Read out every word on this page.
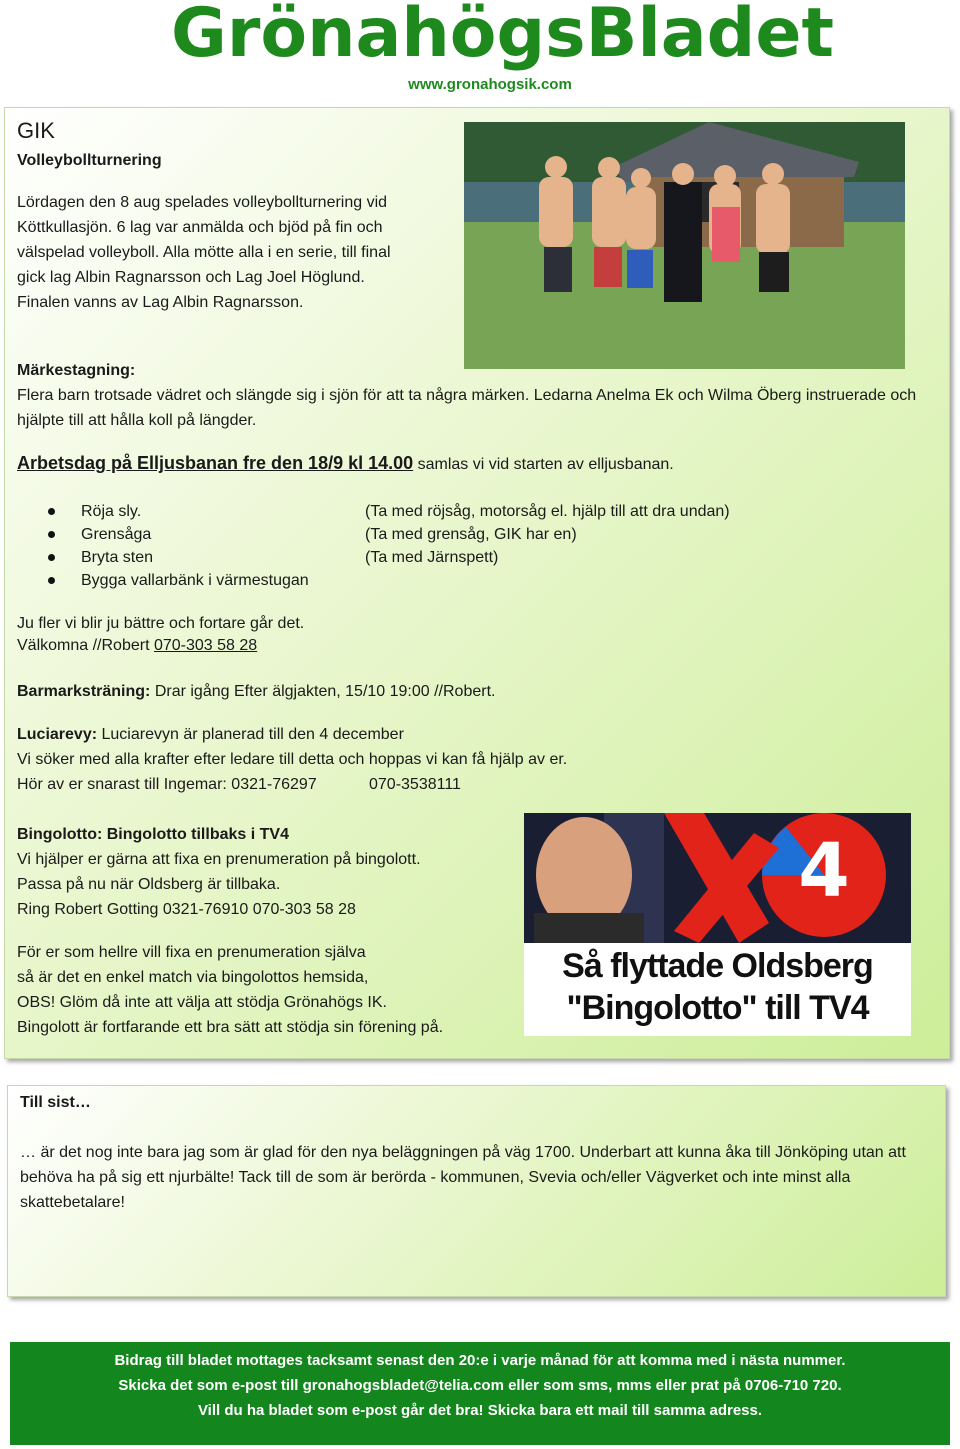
GrönahögsBladet
www.gronahogsik.com
GIK
Volleybollturnering
Lördagen den 8 aug spelades volleybollturnering vid
Köttkullasjön. 6 lag var anmälda och bjöd på fin och
välspelad volleyboll. Alla mötte alla i en serie, till final
gick lag Albin Ragnarsson och Lag Joel Höglund.
Finalen vanns av Lag Albin Ragnarsson.
Märkestagning:
Flera barn trotsade vädret och slängde sig i sjön för att ta några märken. Ledarna Anelma Ek och Wilma Öberg instruerade och
hjälpte till att hålla koll på längder.
Arbetsdag på Elljusbanan fre den 18/9 kl 14.00 samlas vi vid starten av elljusbanan.
Röja sly.	(Ta med röjsåg, motorsåg el. hjälp till att dra undan)
Grensåga	(Ta med grensåg, GIK har en)
Bryta sten	(Ta med Järnspett)
Bygga vallarbänk i värmestugan
Ju fler vi blir ju bättre och fortare går det.
Välkomna //Robert 070-303 58 28
Barmarksträning: Drar igång Efter älgjakten, 15/10 19:00 //Robert.
Luciarevy: Luciarevyn är planerad till den 4 december
Vi söker med alla krafter efter ledare till detta och hoppas vi kan få hjälp av er.
Hör av er snarast till Ingemar: 0321-76297	070-3538111
Bingolotto: Bingolotto tillbaks i TV4
Vi hjälper er gärna att fixa en prenumeration på bingolott.
Passa på nu när Oldsberg är tillbaka.
Ring Robert Gotting 0321-76910 070-303 58 28
För er som hellre vill fixa en prenumeration själva
så är det en enkel match via bingolottos hemsida,
OBS! Glöm då inte att välja att stödja Grönahögs IK.
Bingolott är fortfarande ett bra sätt att stödja sin förening på.
4
Så flyttade Oldsberg
"Bingolotto" till TV4
Till sist…
… är det nog inte bara jag som är glad för den nya beläggningen på väg 1700. Underbart att kunna åka till Jönköping utan att
behöva ha på sig ett njurbälte! Tack till de som är berörda - kommunen, Svevia och/eller Vägverket och inte minst alla
skattebetalare!
Bidrag till bladet mottages tacksamt senast den 20:e i varje månad för att komma med i nästa nummer.
Skicka det som e-post till gronahogsbladet@telia.com eller som sms, mms eller prat på 0706-710 720.
Vill du ha bladet som e-post går det bra! Skicka bara ett mail till samma adress.
